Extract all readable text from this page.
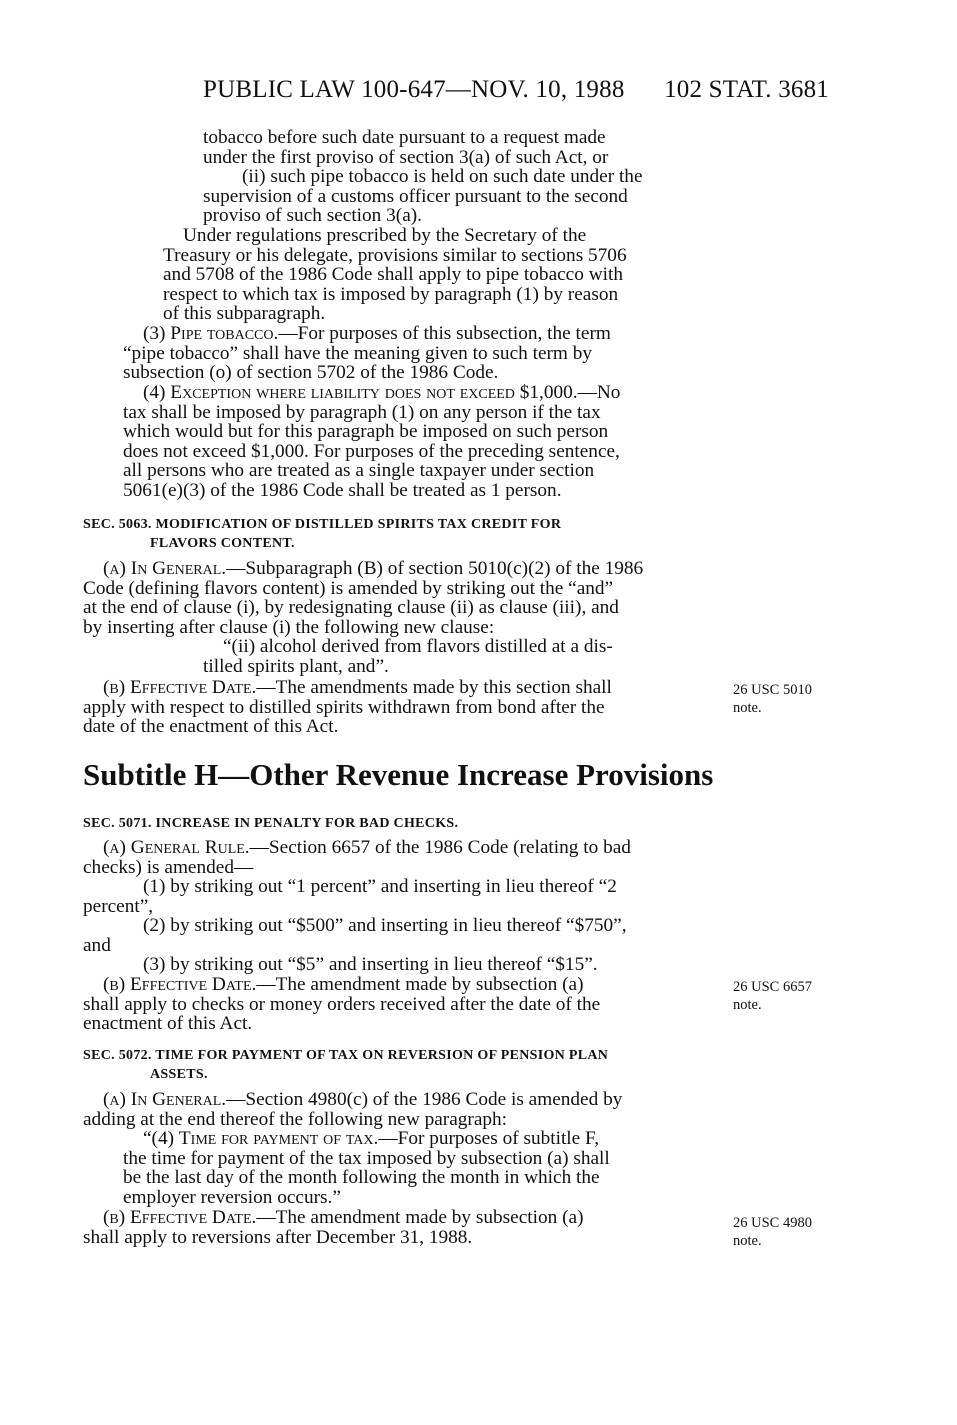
PUBLIC LAW 100-647—NOV. 10, 1988 102 STAT. 3681

tobacco before such date pursuant to a request made

under the first proviso of section 3(a) of such Act, or

(ii) such pipe tobacco is held on such date under the

supervision of a customs officer pursuant to the second

proviso of such section 3(a).

Under regulations prescribed by the Secretary of the

Treasury or his delegate, provisions similar to sections 5706

and 5708 of the 1986 Code shall apply to pipe tobacco with

respect to which tax is imposed by paragraph (1) by reason

of this subparagraph.

(3) Pipe tobacco.—For purposes of this subsection, the term

“pipe tobacco” shall have the meaning given to such term by

subsection (o) of section 5702 of the 1986 Code.

(4) Exception where liability does not exceed $1,000.—No

tax shall be imposed by paragraph (1) on any person if the tax

which would but for this paragraph be imposed on such person

does not exceed $1,000. For purposes of the preceding sentence,

all persons who are treated as a single taxpayer under section

5061(e)(3) of the 1986 Code shall be treated as 1 person.

SEC. 5063. MODIFICATION OF DISTILLED SPIRITS TAX CREDIT FOR
FLAVORS CONTENT.

(a) In General.—Subparagraph (B) of section 5010(c)(2) of the 1986

Code (defining flavors content) is amended by striking out the “and”

at the end of clause (i), by redesignating clause (ii) as clause (iii), and

by inserting after clause (i) the following new clause:

“(ii) alcohol derived from flavors distilled at a dis-

tilled spirits plant, and”.

(b) Effective Date.—The amendments made by this section shall

apply with respect to distilled spirits withdrawn from bond after the

date of the enactment of this Act.

26 USC 5010
note.
Subtitle H—Other Revenue Increase Provisions
SEC. 5071. INCREASE IN PENALTY FOR BAD CHECKS.

(a) General Rule.—Section 6657 of the 1986 Code (relating to bad

checks) is amended—

(1) by striking out “1 percent” and inserting in lieu thereof “2

percent”,

(2) by striking out “$500” and inserting in lieu thereof “$750”,

and

(3) by striking out “$5” and inserting in lieu thereof “$15”.

(b) Effective Date.—The amendment made by subsection (a)

shall apply to checks or money orders received after the date of the

enactment of this Act.

26 USC 6657
note.
SEC. 5072. TIME FOR PAYMENT OF TAX ON REVERSION OF PENSION PLAN
ASSETS.

(a) In General.—Section 4980(c) of the 1986 Code is amended by

adding at the end thereof the following new paragraph:

“(4) Time for payment of tax.—For purposes of subtitle F,

the time for payment of the tax imposed by subsection (a) shall

be the last day of the month following the month in which the

employer reversion occurs.”

(b) Effective Date.—The amendment made by subsection (a)

shall apply to reversions after December 31, 1988.

26 USC 4980
note.
